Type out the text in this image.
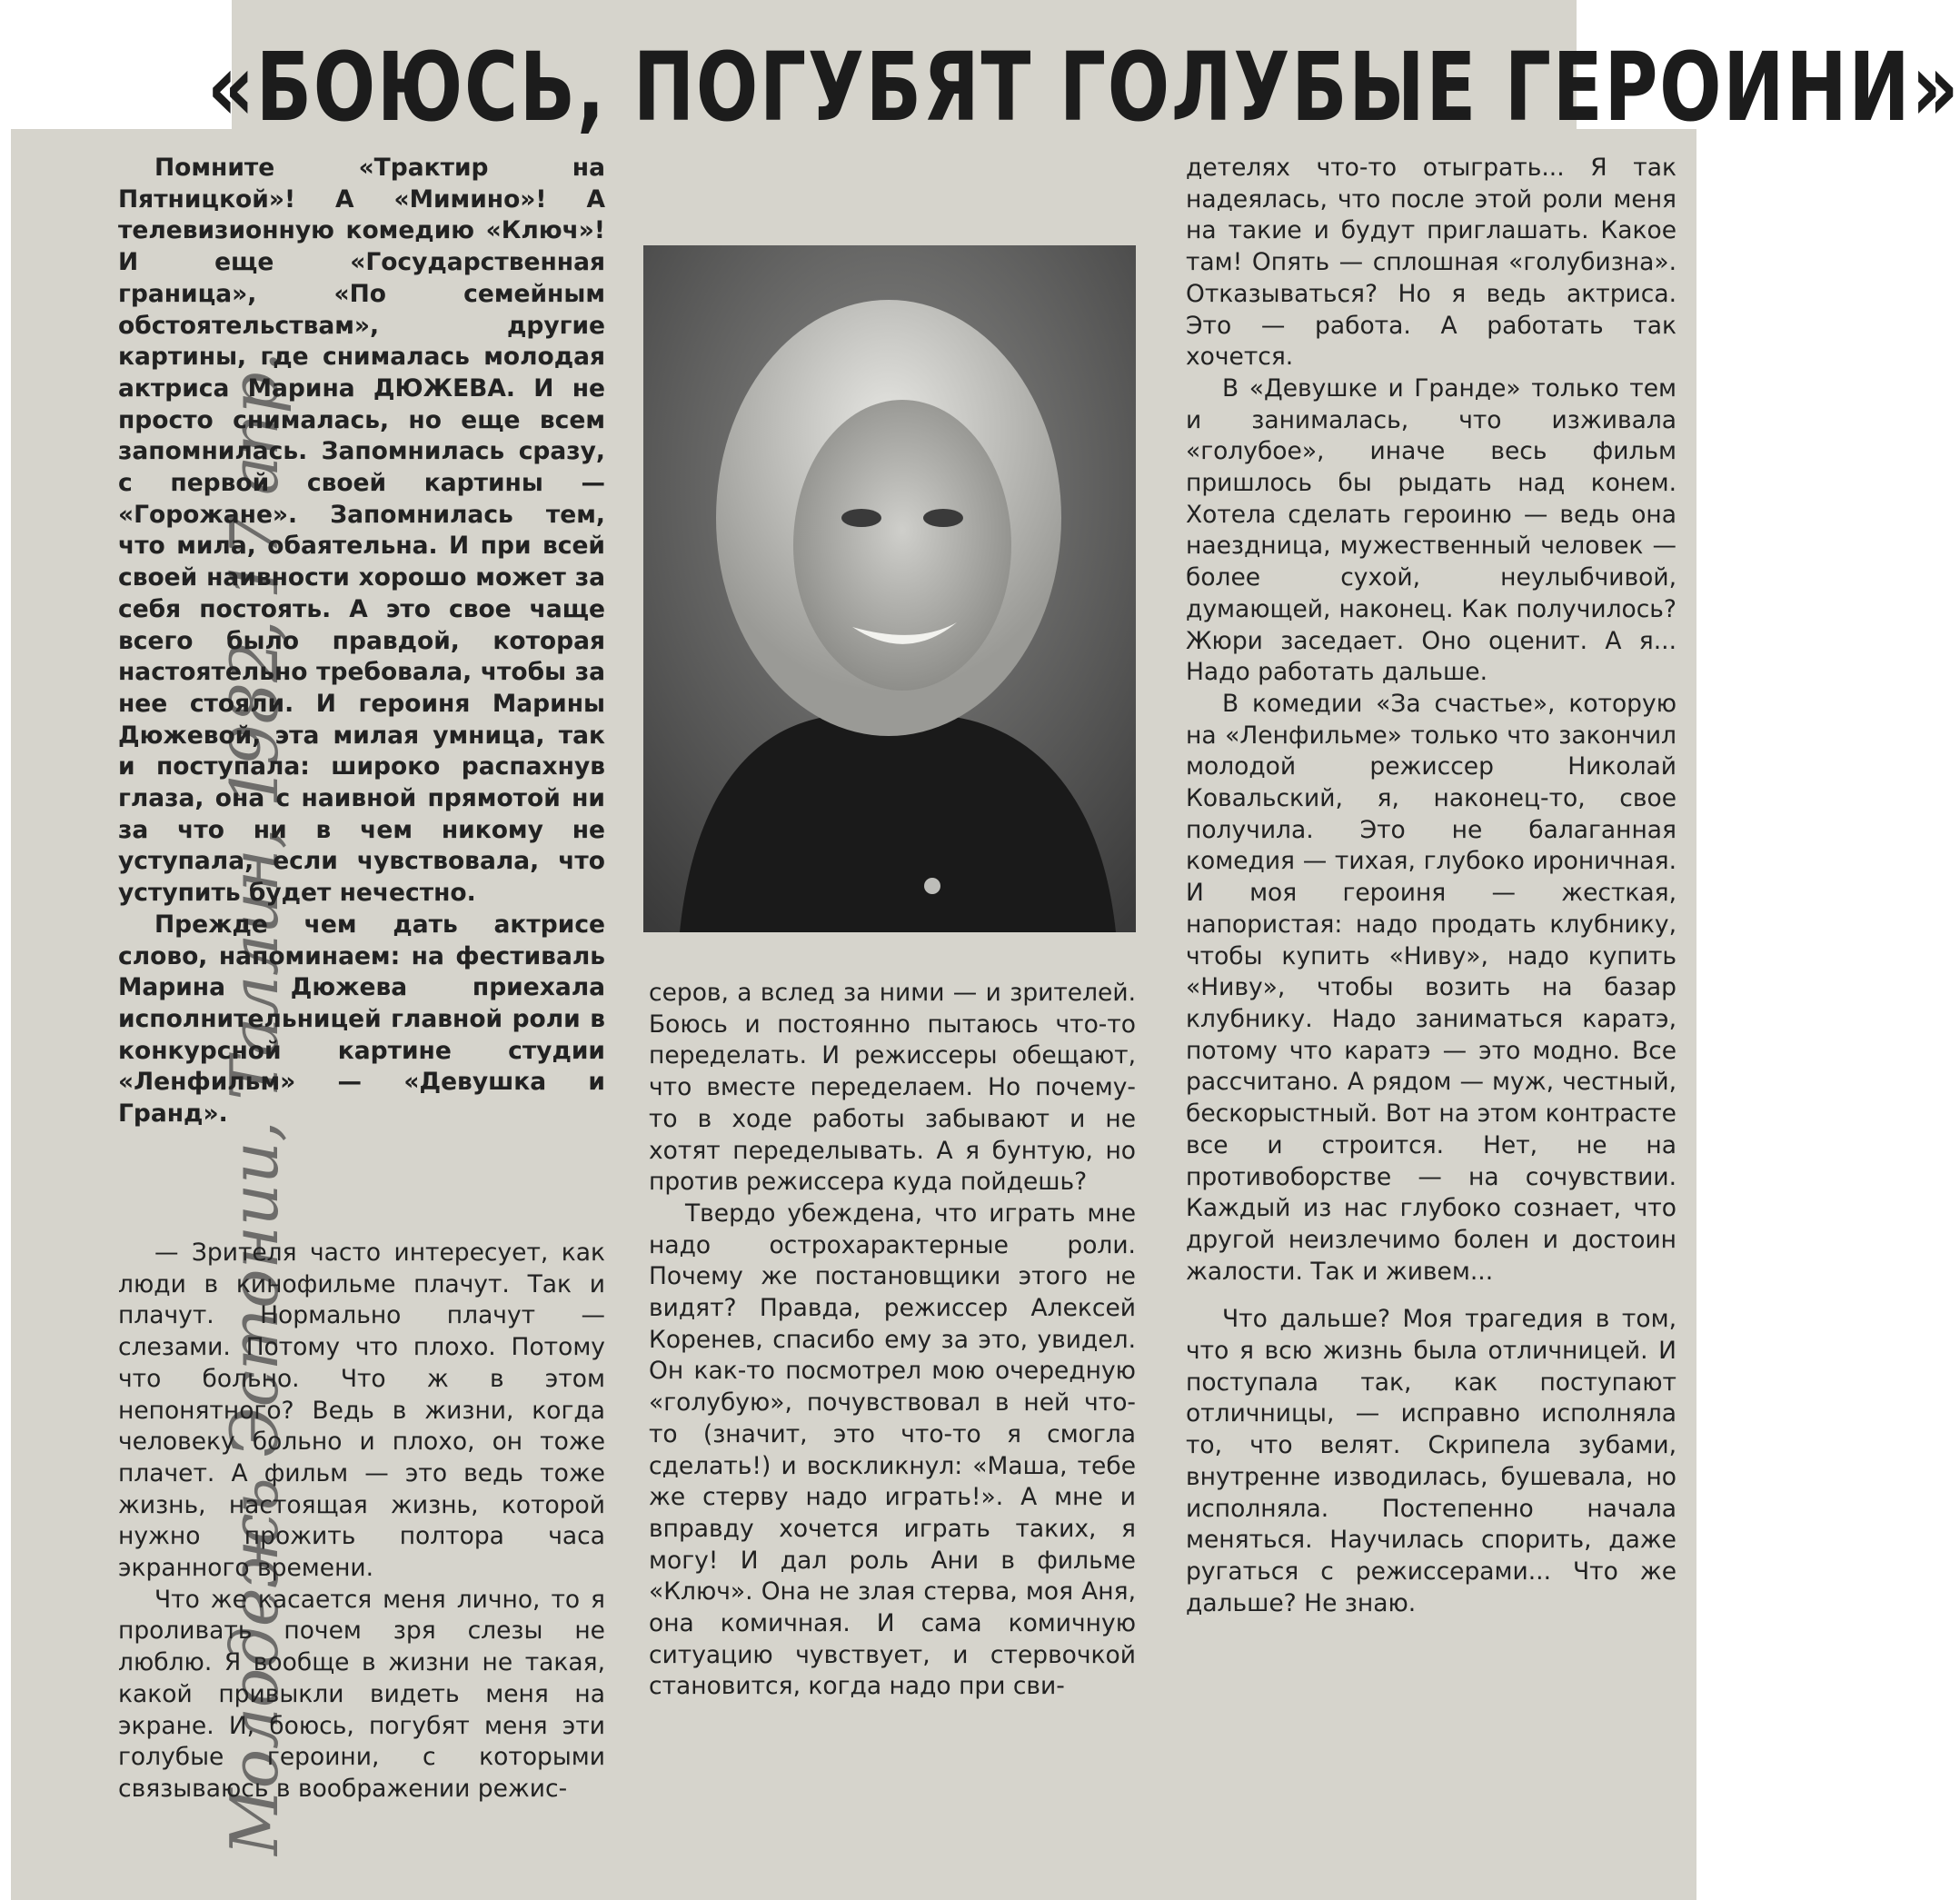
«БОЮСЬ, ПОГУБЯТ ГОЛУБЫЕ ГЕРОИНИ»
Молодежь Эстонии, Таллин, 1982, 17 апр.

Помните «Трактир на Пятницкой»! А «Мимино»! А телевизионную комедию «Ключ»! И еще «Государственная граница», «По семейным обстоятельствам», другие картины, где снималась молодая актриса Марина ДЮЖЕВА. И не просто снималась, но еще всем запомнилась. Запомнилась сразу, с первой своей картины — «Горожане». Запомнилась тем, что мила, обаятельна. И при всей своей наивности хорошо может за себя постоять. А это свое чаще всего было правдой, которая настоятельно требовала, чтобы за нее стояли. И героиня Марины Дюжевой, эта милая умница, так и поступала: широко распахнув глаза, она с наивной прямотой ни за что ни в чем никому не уступала, если чувствовала, что уступить будет нечестно.

Прежде чем дать актрисе слово, напоминаем: на фестиваль Марина Дюжева приехала исполнительницей главной роли в конкурсной картине студии «Ленфильм» — «Девушка и Гранд».

— Зрителя часто интересует, как люди в кинофильме плачут. Так и плачут. Нормально плачут — слезами. Потому что плохо. Потому что больно. Что ж в этом непонятного? Ведь в жизни, когда человеку больно и плохо, он тоже плачет. А фильм — это ведь тоже жизнь, настоящая жизнь, которой нужно прожить полтора часа экранного времени.

Что же касается меня лично, то я проливать почем зря слезы не люблю. Я вообще в жизни не такая, какой привыкли видеть меня на экране. И, боюсь, погубят меня эти голубые героини, с которыми связываюсь в воображении режис-

серов, а вслед за ними — и зрителей. Боюсь и постоянно пытаюсь что-то переделать. И режиссеры обещают, что вместе переделаем. Но почему-то в ходе работы забывают и не хотят переделывать. А я бунтую, но против режиссера куда пойдешь?

Твердо убеждена, что играть мне надо острохарактерные роли. Почему же постановщики этого не видят? Правда, режиссер Алексей Коренев, спасибо ему за это, увидел. Он как-то посмотрел мою очередную «голубую», почувствовал в ней что-то (значит, это что-то я смогла сделать!) и воскликнул: «Маша, тебе же стерву надо играть!». А мне и вправду хочется играть таких, я могу! И дал роль Ани в фильме «Ключ». Она не злая стерва, моя Аня, она комичная. И сама комичную ситуацию чувствует, и стервочкой становится, когда надо при сви-

детелях что-то отыграть... Я так надеялась, что после этой роли меня на такие и будут приглашать. Какое там! Опять — сплошная «голубизна». Отказываться? Но я ведь актриса. Это — работа. А работать так хочется.

В «Девушке и Гранде» только тем и занималась, что изживала «голубое», иначе весь фильм пришлось бы рыдать над конем. Хотела сделать героиню — ведь она наездница, мужественный человек — более сухой, неулыбчивой, думающей, наконец. Как получилось? Жюри заседает. Оно оценит. А я... Надо работать дальше.

В комедии «За счастье», которую на «Ленфильме» только что закончил молодой режиссер Николай Ковальский, я, наконец-то, свое получила. Это не балаганная комедия — тихая, глубоко ироничная. И моя героиня — жесткая, напористая: надо продать клубнику, чтобы купить «Ниву», надо купить «Ниву», чтобы возить на базар клубнику. Надо заниматься каратэ, потому что каратэ — это модно. Все рассчитано. А рядом — муж, честный, бескорыстный. Вот на этом контрасте все и строится. Нет, не на противоборстве — на сочувствии. Каждый из нас глубоко сознает, что другой неизлечимо болен и достоин жалости. Так и живем...

Что дальше? Моя трагедия в том, что я всю жизнь была отличницей. И поступала так, как поступают отличницы, — исправно исполняла то, что велят. Скрипела зубами, внутренне изводилась, бушевала, но исполняла. Постепенно начала меняться. Научилась спорить, даже ругаться с режиссерами... Что же дальше? Не знаю.
